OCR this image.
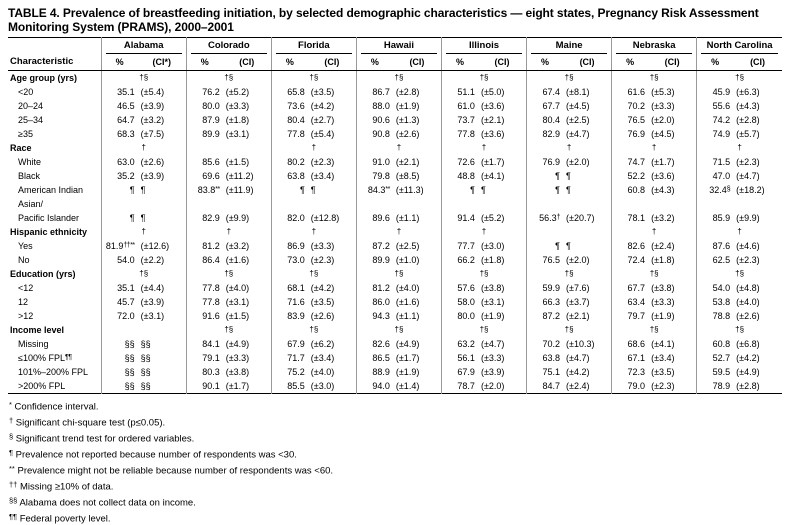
TABLE 4. Prevalence of breastfeeding initiation, by selected demographic characteristics — eight states, Pregnancy Risk Assessment Monitoring System (PRAMS), 2000–2001

	Alabama		Colorado		Florida		Hawaii		Illinois		Maine		Nebraska		North Carolina	

Characteristic	%	(CI*)	%	(CI)	%	(CI)	%	(CI)	%	(CI)	%	(CI)	%	(CI)	%	(CI)
Age group (yrs)	†§		†§		†§		†§		†§		†§		†§		†§	
<20	35.1	(±5.4)	76.2	(±5.2)	65.8	(±3.5)	86.7	(±2.8)	51.1	(±5.0)	67.4	(±8.1)	61.6	(±5.3)	45.9	(±6.3)
20–24	46.5	(±3.9)	80.0	(±3.3)	73.6	(±4.2)	88.0	(±1.9)	61.0	(±3.6)	67.7	(±4.5)	70.2	(±3.3)	55.6	(±4.3)
25–34	64.7	(±3.2)	87.9	(±1.8)	80.4	(±2.7)	90.6	(±1.3)	73.7	(±2.1)	80.4	(±2.5)	76.5	(±2.0)	74.2	(±2.8)
≥35	68.3	(±7.5)	89.9	(±3.1)	77.8	(±5.4)	90.8	(±2.6)	77.8	(±3.6)	82.9	(±4.7)	76.9	(±4.5)	74.9	(±5.7)
Race	†				†		†		†		†		†		†	
White	63.0	(±2.6)	85.6	(±1.5)	80.2	(±2.3)	91.0	(±2.1)	72.6	(±1.7)	76.9	(±2.0)	74.7	(±1.7)	71.5	(±2.3)
Black	35.2	(±3.9)	69.6	(±11.2)	63.8	(±3.4)	79.8	(±8.5)	48.8	(±4.1)	¶	¶	52.2	(±3.6)	47.0	(±4.7)
American Indian	¶	¶	83.8**	(±11.9)	¶	¶	84.3**	(±11.3)	¶	¶	¶	¶	60.8	(±4.3)	32.4§	(±18.2)
Asian/																
Pacific Islander	¶	¶	82.9	(±9.9)	82.0	(±12.8)	89.6	(±1.1)	91.4	(±5.2)	56.3†	(±20.7)	78.1	(±3.2)	85.9	(±9.9)
Hispanic ethnicity	†		†		†		†		†				†		†	
Yes	81.9††**	(±12.6)	81.2	(±3.2)	86.9	(±3.3)	87.2	(±2.5)	77.7	(±3.0)	¶	¶	82.6	(±2.4)	87.6	(±4.6)
No	54.0	(±2.2)	86.4	(±1.6)	73.0	(±2.3)	89.9	(±1.0)	66.2	(±1.8)	76.5	(±2.0)	72.4	(±1.8)	62.5	(±2.3)
Education (yrs)	†§		†§		†§		†§		†§		†§		†§		†§	
<12	35.1	(±4.4)	77.8	(±4.0)	68.1	(±4.2)	81.2	(±4.0)	57.6	(±3.8)	59.9	(±7.6)	67.7	(±3.8)	54.0	(±4.8)
12	45.7	(±3.9)	77.8	(±3.1)	71.6	(±3.5)	86.0	(±1.6)	58.0	(±3.1)	66.3	(±3.7)	63.4	(±3.3)	53.8	(±4.0)
>12	72.0	(±3.1)	91.6	(±1.5)	83.9	(±2.6)	94.3	(±1.1)	80.0	(±1.9)	87.2	(±2.1)	79.7	(±1.9)	78.8	(±2.6)
Income level			†§		†§		†§		†§		†§		†§		†§	
Missing	§§	§§	84.1	(±4.9)	67.9	(±6.2)	82.6	(±4.9)	63.2	(±4.7)	70.2	(±10.3)	68.6	(±4.1)	60.8	(±6.8)
≤100% FPL¶¶	§§	§§	79.1	(±3.3)	71.7	(±3.4)	86.5	(±1.7)	56.1	(±3.3)	63.8	(±4.7)	67.1	(±3.4)	52.7	(±4.2)
101%–200% FPL	§§	§§	80.3	(±3.8)	75.2	(±4.0)	88.9	(±1.9)	67.9	(±3.9)	75.1	(±4.2)	72.3	(±3.5)	59.5	(±4.9)
>200% FPL	§§	§§	90.1	(±1.7)	85.5	(±3.0)	94.0	(±1.4)	78.7	(±2.0)	84.7	(±2.4)	79.0	(±2.3)	78.9	(±2.8)
* Confidence interval.
† Significant chi-square test (p≤0.05).
§ Significant trend test for ordered variables.
¶ Prevalence not reported because number of respondents was <30.
** Prevalence might not be reliable because number of respondents was <60.
†† Missing ≥10% of data.
§§ Alabama does not collect data on income.
¶¶ Federal poverty level.
